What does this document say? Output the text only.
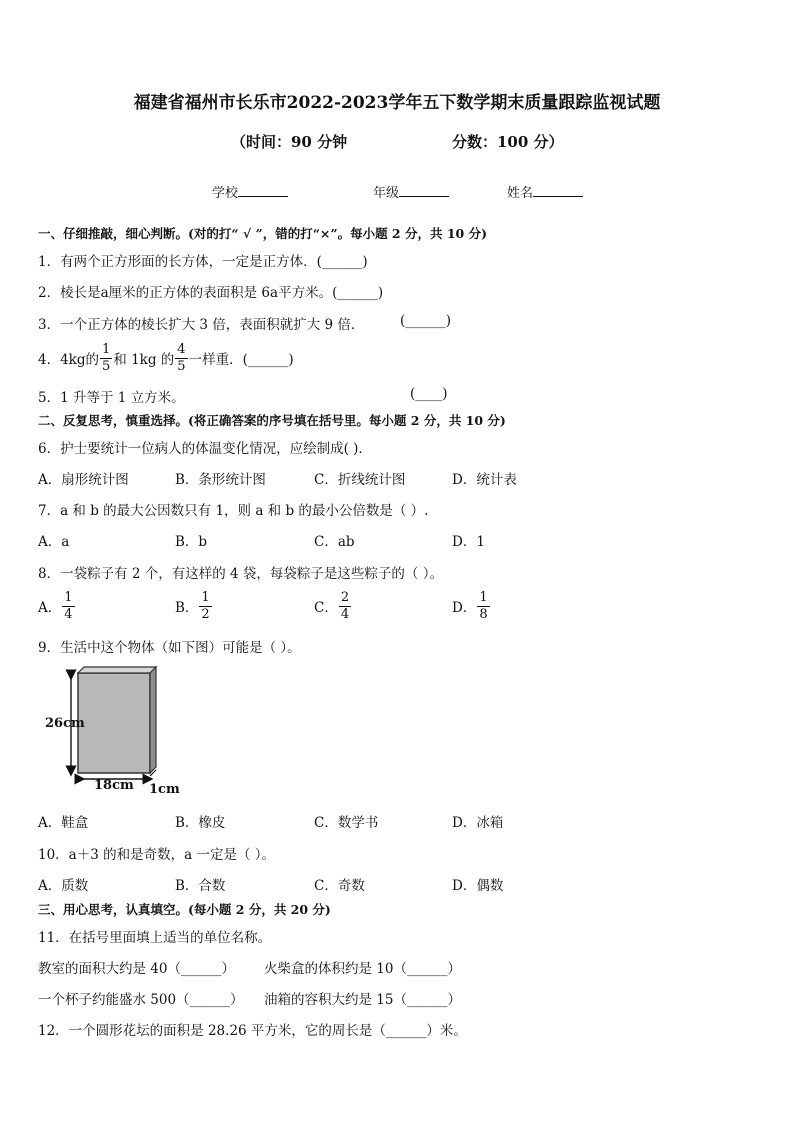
福建省福州市长乐市2022-2023学年五下数学期末质量跟踪监视试题
（时间：90 分钟	分数：100 分）
学校	年级	姓名
一、仔细推敲，细心判断。(对的打“ √ ”，错的打“×”。每小题 2 分，共 10 分)
1．有两个正方形面的长方体，一定是正方体．(______)
2．棱长是a厘米的正方体的表面积是 6a平方米。(______)
3．一个正方体的棱长扩大 3 倍，表面积就扩大 9 倍．	(______)
4．4kg的 $\frac{1}{5}$ 和 1kg 的 $\frac{4}{5}$ 一样重．(______)
5．1 升等于 1 立方米。	(____)
二、反复思考，慎重选择。(将正确答案的序号填在括号里。每小题 2 分，共 10 分)
6．护士要统计一位病人的体温变化情况，应绘制成( )．
A．扇形统计图	B．条形统计图	C．折线统计图	D．统计表
7．a 和 b 的最大公因数只有 1，则 a 和 b 的最小公倍数是（ ）.
A．a	B．b	C．ab	D．1
8．一袋粽子有 2 个，有这样的 4 袋，每袋粽子是这些粽子的（ ）。
A． $\frac{1}{4}$	B． $\frac{1}{2}$	C． $\frac{2}{4}$	D． $\frac{1}{8}$
9．生活中这个物体（如下图）可能是（ ）。
26cm
18cm 1cm
A．鞋盒	B．橡皮	C．数学书	D．冰箱
10．a＋3 的和是奇数，a 一定是（ ）。
A．质数	B．合数	C．奇数	D．偶数
三、用心思考，认真填空。(每小题 2 分，共 20 分)
11．在括号里面填上适当的单位名称。
教室的面积大约是 40（______） 火柴盒的体积约是 10（______）
一个杯子约能盛水 500（______） 油箱的容积大约是 15（______）
12．一个圆形花坛的面积是 28.26 平方米，它的周长是（______）米。
